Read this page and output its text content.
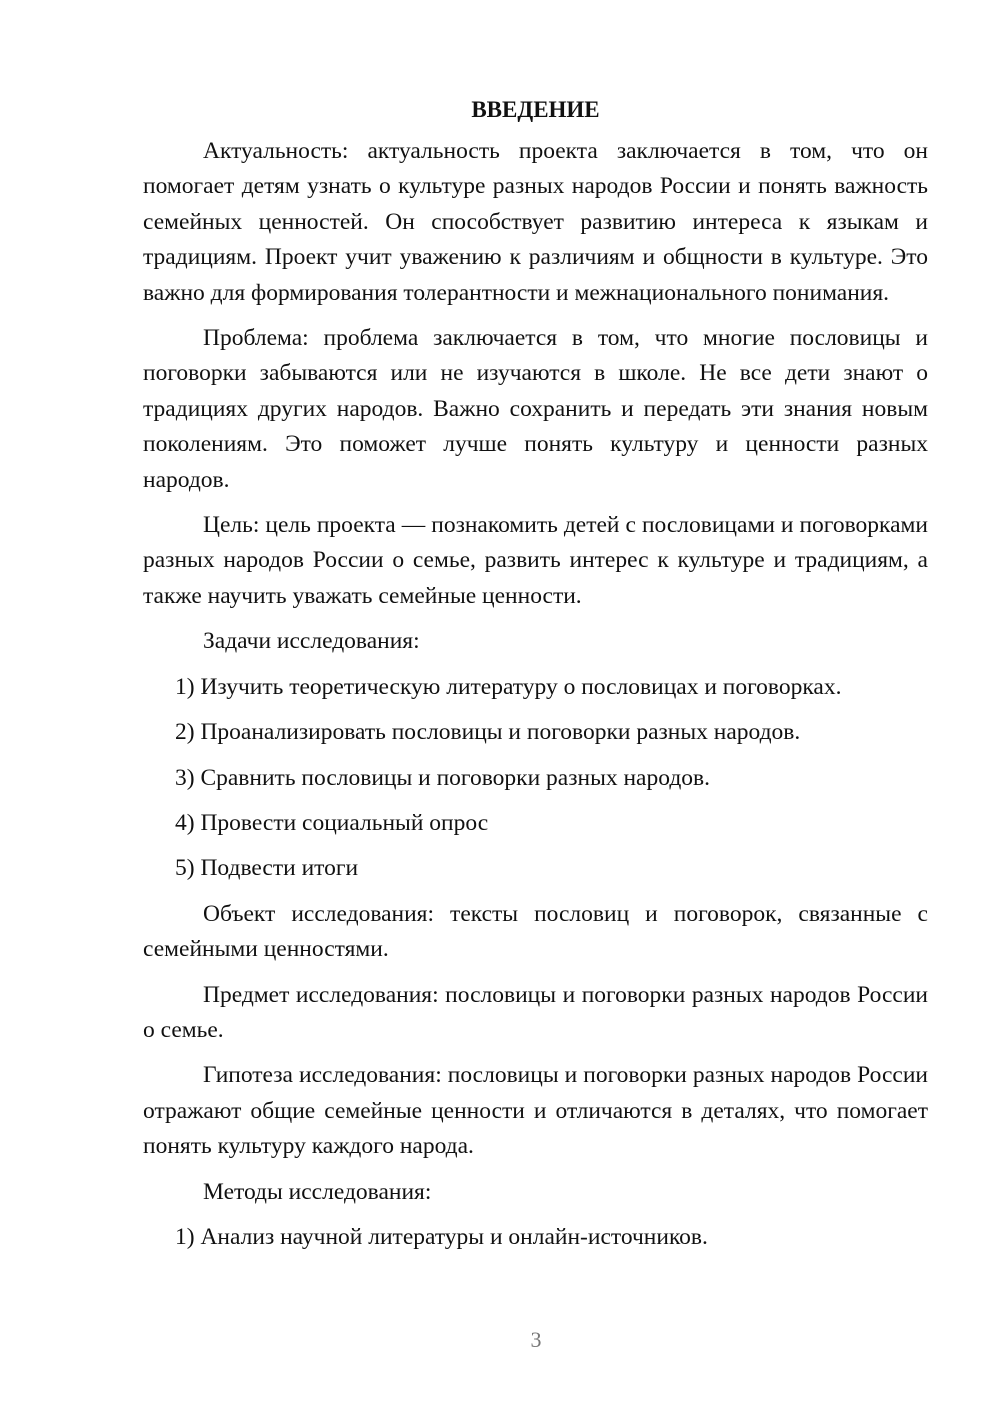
ВВЕДЕНИЕ

Актуальность: актуальность проекта заключается в том, что он помогает детям узнать о культуре разных народов России и понять важность семейных ценностей. Он способствует развитию интереса к языкам и традициям. Проект учит уважению к различиям и общности в культуре. Это важно для формирования толерантности и межнационального понимания.

Проблема: проблема заключается в том, что многие пословицы и поговорки забываются или не изучаются в школе. Не все дети знают о традициях других народов. Важно сохранить и передать эти знания новым поколениям. Это поможет лучше понять культуру и ценности разных народов.

Цель: цель проекта — познакомить детей с пословицами и поговорками разных народов России о семье, развить интерес к культуре и традициям, а также научить уважать семейные ценности.

Задачи исследования:

1) Изучить теоретическую литературу о пословицах и поговорках.
2) Проанализировать пословицы и поговорки разных народов.
3) Сравнить пословицы и поговорки разных народов.
4) Провести социальный опрос
5) Подвести итоги

Объект исследования: тексты пословиц и поговорок, связанные с семейными ценностями.

Предмет исследования: пословицы и поговорки разных народов России о семье.

Гипотеза исследования: пословицы и поговорки разных народов России отражают общие семейные ценности и отличаются в деталях, что помогает понять культуру каждого народа.

Методы исследования:

1) Анализ научной литературы и онлайн-источников.
3
